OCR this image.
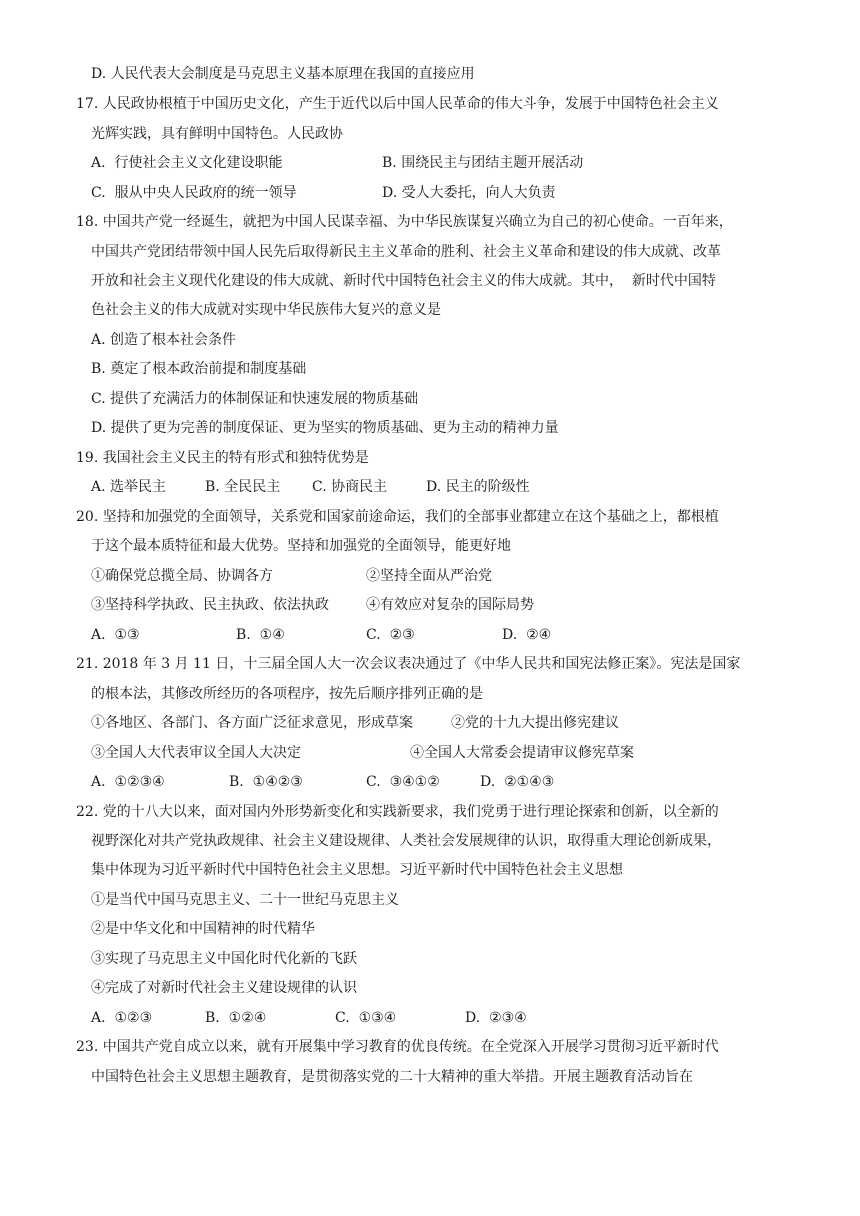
D. 人民代表大会制度是马克思主义基本原理在我国的直接应用
17. 人民政协根植于中国历史文化，产生于近代以后中国人民革命的伟大斗争，发展于中国特色社会主义
光辉实践，具有鲜明中国特色。人民政协
A.  行使社会主义文化建设职能	B. 围绕民主与团结主题开展活动
C.  服从中央人民政府的统一领导	D. 受人大委托，向人大负责
18. 中国共产党一经诞生，就把为中国人民谋幸福、为中华民族谋复兴确立为自己的初心使命。一百年来，
中国共产党团结带领中国人民先后取得新民主主义革命的胜利、社会主义革命和建设的伟大成就、改革
开放和社会主义现代化建设的伟大成就、新时代中国特色社会主义的伟大成就。其中，  新时代中国特
色社会主义的伟大成就对实现中华民族伟大复兴的意义是
A. 创造了根本社会条件
B. 奠定了根本政治前提和制度基础
C. 提供了充满活力的体制保证和快速发展的物质基础
D. 提供了更为完善的制度保证、更为坚实的物质基础、更为主动的精神力量
19. 我国社会主义民主的特有形式和独特优势是
A. 选举民主	B. 全民民主 C. 协商民主	D. 民主的阶级性
20. 坚持和加强党的全面领导，关系党和国家前途命运，我们的全部事业都建立在这个基础之上，都根植
于这个最本质特征和最大优势。坚持和加强党的全面领导，能更好地
①确保党总揽全局、协调各方	②坚持全面从严治党
③坚持科学执政、民主执政、依法执政	④有效应对复杂的国际局势
A.  ①③	B.  ①④	C.  ②③	D.  ②④
21. 2018 年 3 月 11 日，十三届全国人大一次会议表决通过了《中华人民共和国宪法修正案》。宪法是国家
的根本法，其修改所经历的各项程序，按先后顺序排列正确的是
①各地区、各部门、各方面广泛征求意见，形成草案	②党的十九大提出修宪建议
③全国人大代表审议全国人大决定	④全国人大常委会提请审议修宪草案
A.  ①②③④	B.  ①④②③	C.  ③④①②	D.  ②①④③
22. 党的十八大以来，面对国内外形势新变化和实践新要求，我们党勇于进行理论探索和创新，以全新的
视野深化对共产党执政规律、社会主义建设规律、人类社会发展规律的认识，取得重大理论创新成果，
集中体现为习近平新时代中国特色社会主义思想。习近平新时代中国特色社会主义思想
①是当代中国马克思主义、二十一世纪马克思主义
②是中华文化和中国精神的时代精华
③实现了马克思主义中国化时代化新的飞跃
④完成了对新时代社会主义建设规律的认识
A.  ①②③	B.  ①②④	C.  ①③④	D.  ②③④
23. 中国共产党自成立以来，就有开展集中学习教育的优良传统。在全党深入开展学习贯彻习近平新时代
中国特色社会主义思想主题教育，是贯彻落实党的二十大精神的重大举措。开展主题教育活动旨在
